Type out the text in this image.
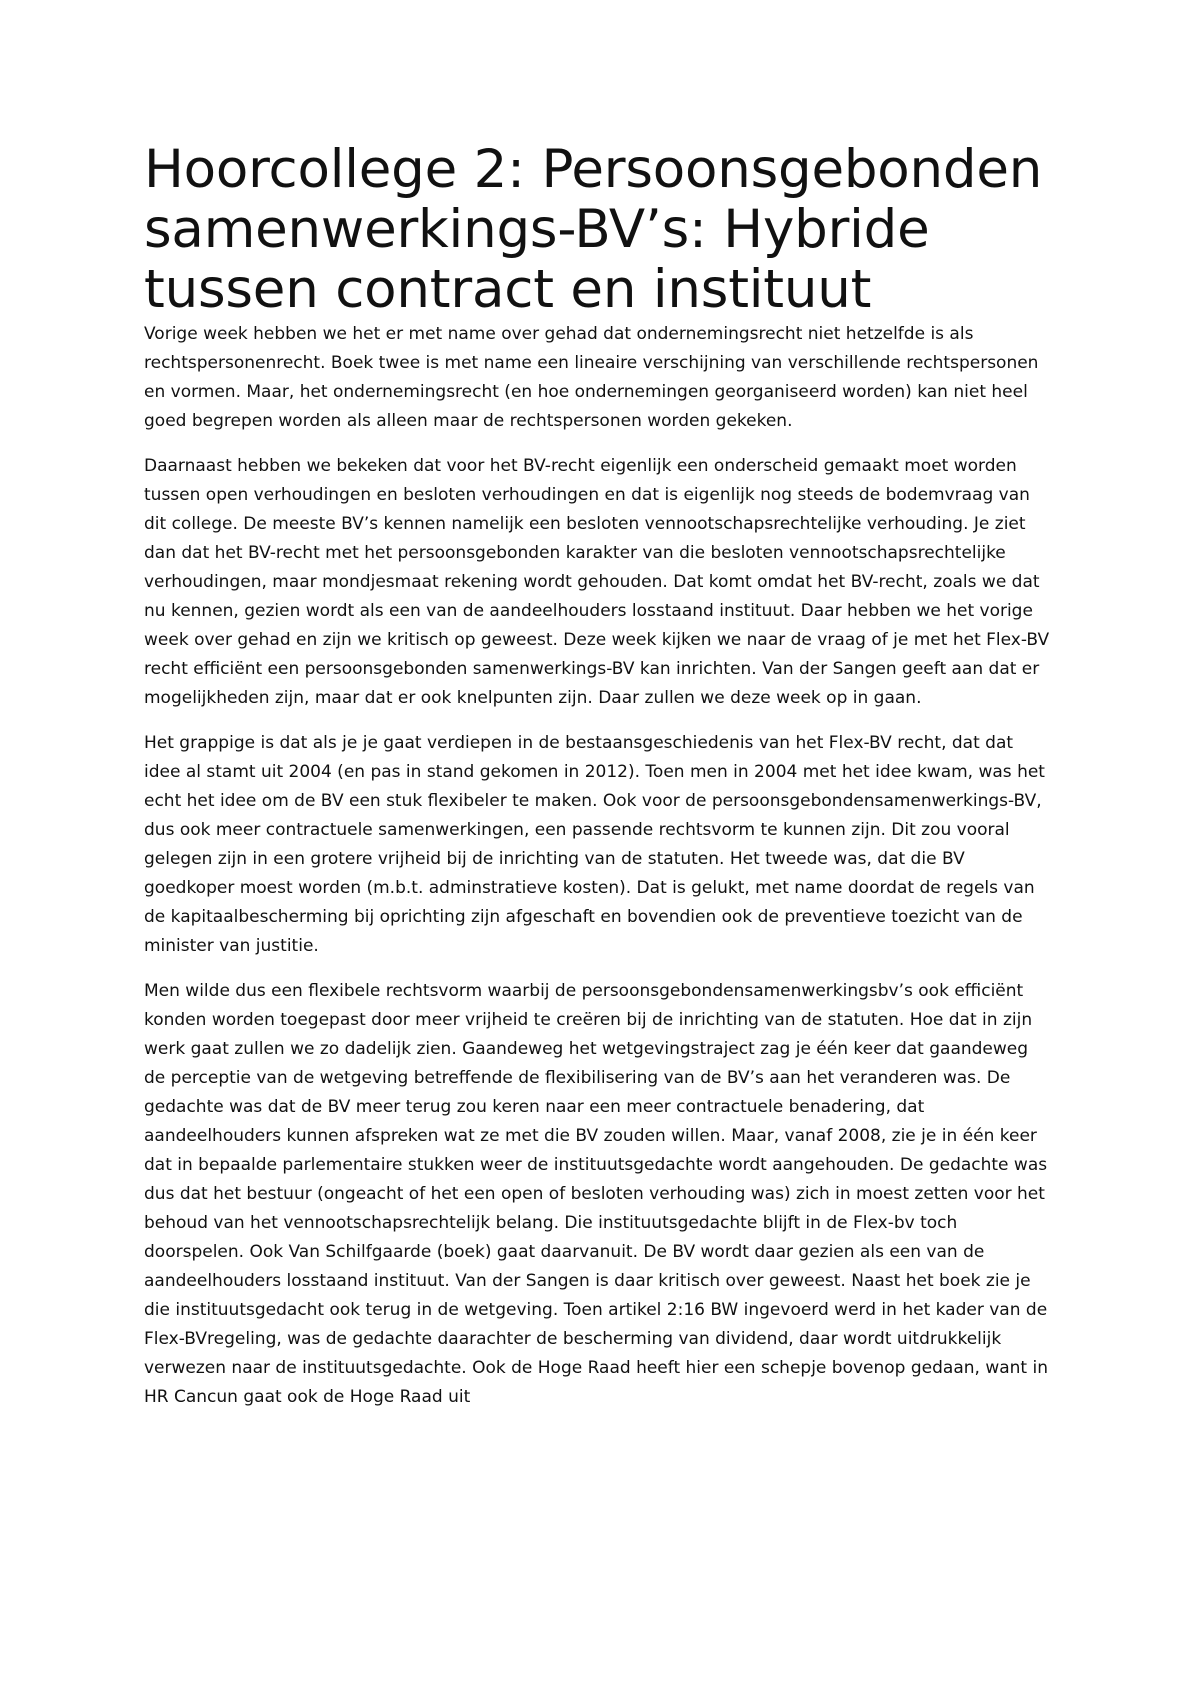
Hoorcollege 2: Persoonsgebonden samenwerkings-BV’s: Hybride tussen contract en instituut

Vorige week hebben we het er met name over gehad dat ondernemingsrecht niet hetzelfde is als rechtspersonenrecht. Boek twee is met name een lineaire verschijning van verschillende rechtspersonen en vormen. Maar, het ondernemingsrecht (en hoe ondernemingen georganiseerd worden) kan niet heel goed begrepen worden als alleen maar de rechtspersonen worden gekeken.

Daarnaast hebben we bekeken dat voor het BV-recht eigenlijk een onderscheid gemaakt moet worden tussen open verhoudingen en besloten verhoudingen en dat is eigenlijk nog steeds de bodemvraag van dit college. De meeste BV’s kennen namelijk een besloten vennootschapsrechtelijke verhouding. Je ziet dan dat het BV-recht met het persoonsgebonden karakter van die besloten vennootschapsrechtelijke verhoudingen, maar mondjesmaat rekening wordt gehouden. Dat komt omdat het BV-recht, zoals we dat nu kennen, gezien wordt als een van de aandeelhouders losstaand instituut. Daar hebben we het vorige week over gehad en zijn we kritisch op geweest. Deze week kijken we naar de vraag of je met het Flex-BV recht efficiënt een persoonsgebonden samenwerkings-BV kan inrichten. Van der Sangen geeft aan dat er mogelijkheden zijn, maar dat er ook knelpunten zijn. Daar zullen we deze week op in gaan.

Het grappige is dat als je je gaat verdiepen in de bestaansgeschiedenis van het Flex-BV recht, dat dat idee al stamt uit 2004 (en pas in stand gekomen in 2012). Toen men in 2004 met het idee kwam, was het echt het idee om de BV een stuk flexibeler te maken. Ook voor de persoonsgebondensamenwerkings-BV, dus ook meer contractuele samenwerkingen, een passende rechtsvorm te kunnen zijn. Dit zou vooral gelegen zijn in een grotere vrijheid bij de inrichting van de statuten. Het tweede was, dat die BV goedkoper moest worden (m.b.t. adminstratieve kosten). Dat is gelukt, met name doordat de regels van de kapitaalbescherming bij oprichting zijn afgeschaft en bovendien ook de preventieve toezicht van de minister van justitie.

Men wilde dus een flexibele rechtsvorm waarbij de persoonsgebondensamenwerkingsbv’s ook efficiënt konden worden toegepast door meer vrijheid te creëren bij de inrichting van de statuten. Hoe dat in zijn werk gaat zullen we zo dadelijk zien. Gaandeweg het wetgevingstraject zag je één keer dat gaandeweg de perceptie van de wetgeving betreffende de flexibilisering van de BV’s aan het veranderen was. De gedachte was dat de BV meer terug zou keren naar een meer contractuele benadering, dat aandeelhouders kunnen afspreken wat ze met die BV zouden willen. Maar, vanaf 2008, zie je in één keer dat in bepaalde parlementaire stukken weer de instituutsgedachte wordt aangehouden. De gedachte was dus dat het bestuur (ongeacht of het een open of besloten verhouding was) zich in moest zetten voor het behoud van het vennootschapsrechtelijk belang. Die instituutsgedachte blijft in de Flex-bv toch doorspelen. Ook Van Schilfgaarde (boek) gaat daarvanuit. De BV wordt daar gezien als een van de aandeelhouders losstaand instituut. Van der Sangen is daar kritisch over geweest. Naast het boek zie je die instituutsgedacht ook terug in de wetgeving. Toen artikel 2:16 BW ingevoerd werd in het kader van de Flex-BVregeling, was de gedachte daarachter de bescherming van dividend, daar wordt uitdrukkelijk verwezen naar de instituutsgedachte. Ook de Hoge Raad heeft hier een schepje bovenop gedaan, want in HR Cancun gaat ook de Hoge Raad uit
